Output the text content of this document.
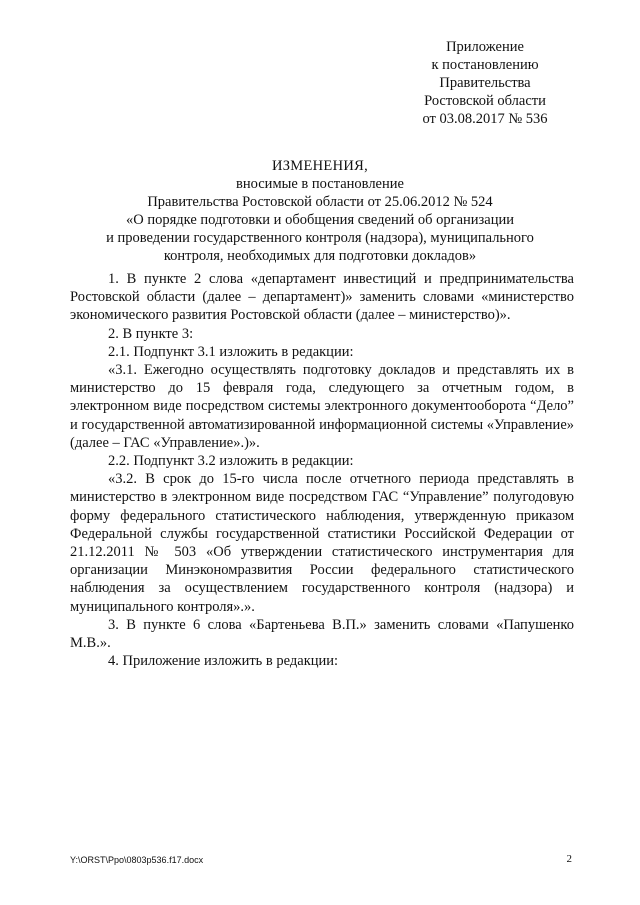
Приложение
к постановлению
Правительства
Ростовской области
от 03.08.2017 № 536
ИЗМЕНЕНИЯ,
вносимые в постановление
Правительства Ростовской области от 25.06.2012 № 524
«О порядке подготовки и обобщения сведений об организации
и проведении государственного контроля (надзора), муниципального
контроля, необходимых для подготовки докладов»

1. В пункте 2 слова «департамент инвестиций и предпринимательства Ростовской области (далее – департамент)» заменить словами «министерство экономического развития Ростовской области (далее – министерство)».

2. В пункте 3:

2.1. Подпункт 3.1 изложить в редакции:

«3.1. Ежегодно осуществлять подготовку докладов и представлять их в министерство до 15 февраля года, следующего за отчетным годом, в электронном виде посредством системы электронного документооборота “Дело” и государственной автоматизированной информационной системы «Управление» (далее – ГАС «Управление».)».

2.2. Подпункт 3.2 изложить в редакции:

«3.2. В срок до 15-го числа после отчетного периода представлять в министерство в электронном виде посредством ГАС “Управление” полугодовую форму федерального статистического наблюдения, утвержденную приказом Федеральной службы государственной статистики Российской Федерации от 21.12.2011 № 503 «Об утверждении статистического инструментария для организации Минэкономразвития России федерального статистического наблюдения за осуществлением государственного контроля (надзора) и муниципального контроля».».

3. В пункте 6 слова «Бартеньева В.П.» заменить словами «Папушенко М.В.».

4. Приложение изложить в редакции:

Y:\ORST\Ppo\0803p536.f17.docx	2
